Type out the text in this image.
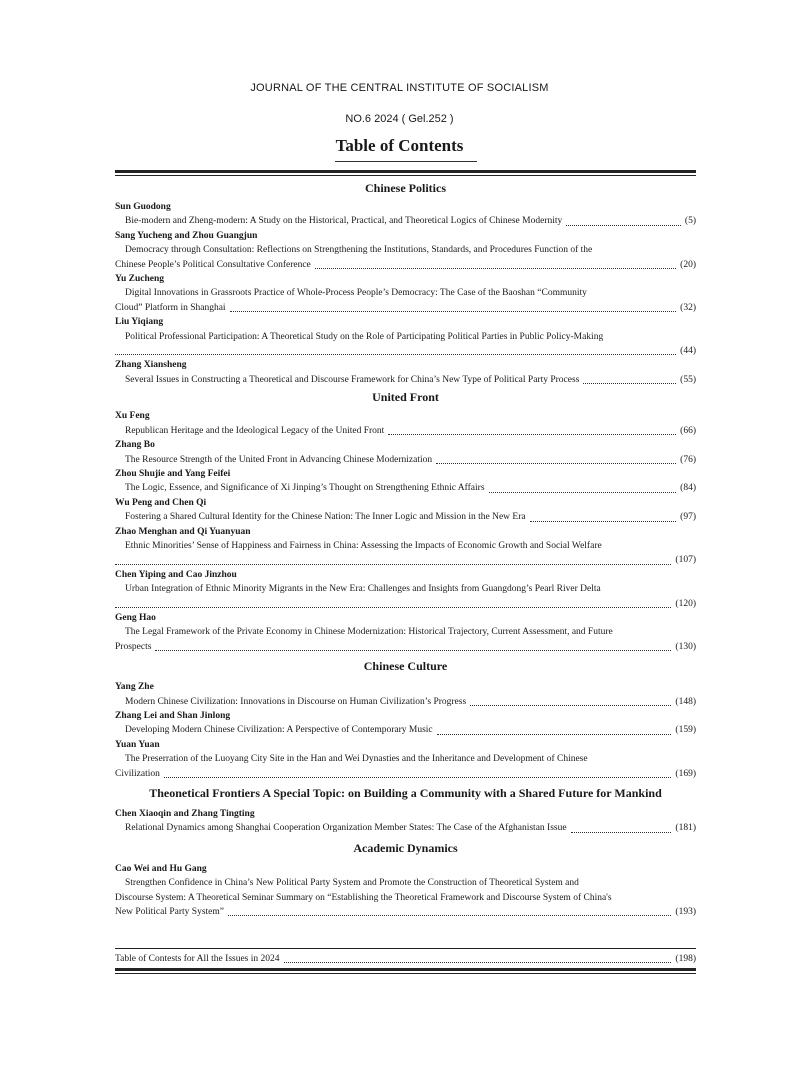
JOURNAL OF THE CENTRAL INSTITUTE OF SOCIALISM
NO.6 2024 ( Gel.252 )
Table of Contents
Chinese Politics
Sun Guodong
Bie-modern and Zheng-modern: A Study on the Historical, Practical, and Theoretical Logics of Chinese Modernity	(5)
Sang Yucheng and Zhou Guangjun
Democracy through Consultation: Reflections on Strengthening the Institutions, Standards, and Procedures Function of the
Chinese People’s Political Consultative Conference	(20)
Yu Zucheng
Digital Innovations in Grassroots Practice of Whole-Process People’s Democracy: The Case of the Baoshan “Community
Cloud” Platform in Shanghai	(32)
Liu Yiqiang
Political Professional Participation: A Theoretical Study on the Role of Participating Political Parties in Public Policy-Making
(44)
Zhang Xiansheng
Several Issues in Constructing a Theoretical and Discourse Framework for China’s New Type of Political Party Process	(55)
United Front
Xu Feng
Republican Heritage and the Ideological Legacy of the United Front	(66)
Zhang Bo
The Resource Strength of the United Front in Advancing Chinese Modernization	(76)
Zhou Shujie and Yang Feifei
The Logic, Essence, and Significance of Xi Jinping’s Thought on Strengthening Ethnic Affairs	(84)
Wu Peng and Chen Qi
Fostering a Shared Cultural Identity for the Chinese Nation: The Inner Logic and Mission in the New Era	(97)
Zhao Menghan and Qi Yuanyuan
Ethnic Minorities’ Sense of Happiness and Fairness in China: Assessing the Impacts of Economic Growth and Social Welfare
(107)
Chen Yiping and Cao Jinzhou
Urban Integration of Ethnic Minority Migrants in the New Era: Challenges and Insights from Guangdong’s Pearl River Delta
(120)
Geng Hao
The Legal Framework of the Private Economy in Chinese Modernization: Historical Trajectory, Current Assessment, and Future
Prospects	(130)
Chinese Culture
Yang Zhe
Modern Chinese Civilization: Innovations in Discourse on Human Civilization’s Progress	(148)
Zhang Lei and Shan Jinlong
Developing Modern Chinese Civilization: A Perspective of Contemporary Music	(159)
Yuan Yuan
The Preserration of the Luoyang City Site in the Han and Wei Dynasties and the Inheritance and Development of Chinese
Civilization	(169)
Theonetical Frontiers A Special Topic: on Building a Community with a Shared Future for Mankind
Chen Xiaoqin and Zhang Tingting
Relational Dynamics among Shanghai Cooperation Organization Member States: The Case of the Afghanistan Issue	(181)
Academic Dynamics
Cao Wei and Hu Gang
Strengthen Confidence in China’s New Political Party System and Promote the Construction of Theoretical System and
Discourse System: A Theoretical Seminar Summary on “Establishing the Theoretical Framework and Discourse System of China's
New Political Party System”	(193)
Table of Contests for All the Issues in 2024	(198)
